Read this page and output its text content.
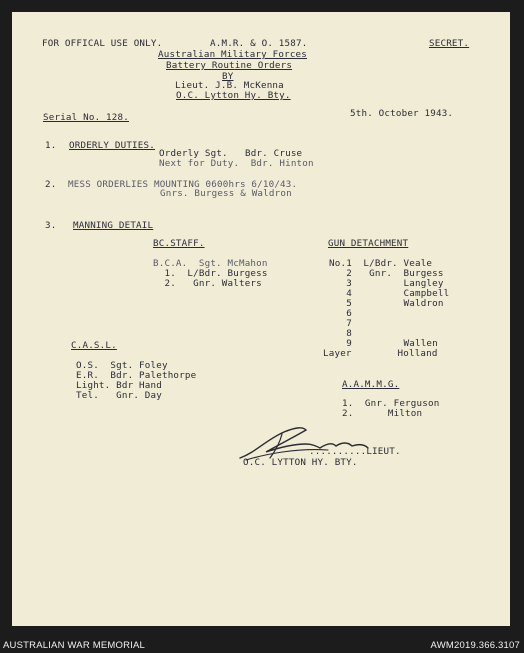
FOR OFFICAL USE ONLY.	A.M.R. & O. 1587.	SECRET.
Australian Military Forces
Battery Routine Orders
BY
Lieut. J.B. McKenna
O.C. Lytton Hy. Bty.
Serial No. 128.	5th. October 1943.
1. ORDERLY DUTIES.
Orderly Sgt.   Bdr. Cruse
Next for Duty.  Bdr. Hinton
2. MESS ORDERLIES MOUNTING 0600hrs 6/10/43.
Gnrs. Burgess & Waldron
3. MANNING DETAIL
BC.STAFF.
B.C.A.  Sgt. McMahon
1.  L/Bdr. Burgess
2.   Gnr. Walters
GUN DETACHMENT
No.1  L/Bdr. Veale
2   Gnr.  Burgess
3         Langley
4         Campbell
5         Waldron
6
7
8
9         Wallen
Layer        Holland
C.A.S.L.
O.S.  Sgt. Foley
E.R.  Bdr. Palethorpe
Light. Bdr Hand
Tel.   Gnr. Day
A.A.M.M.G.
1.  Gnr. Ferguson
2.      Milton
..........LIEUT.
O.C. LYTTON HY. BTY.
AUSTRALIAN WAR MEMORIAL	AWM2019.366.3107
